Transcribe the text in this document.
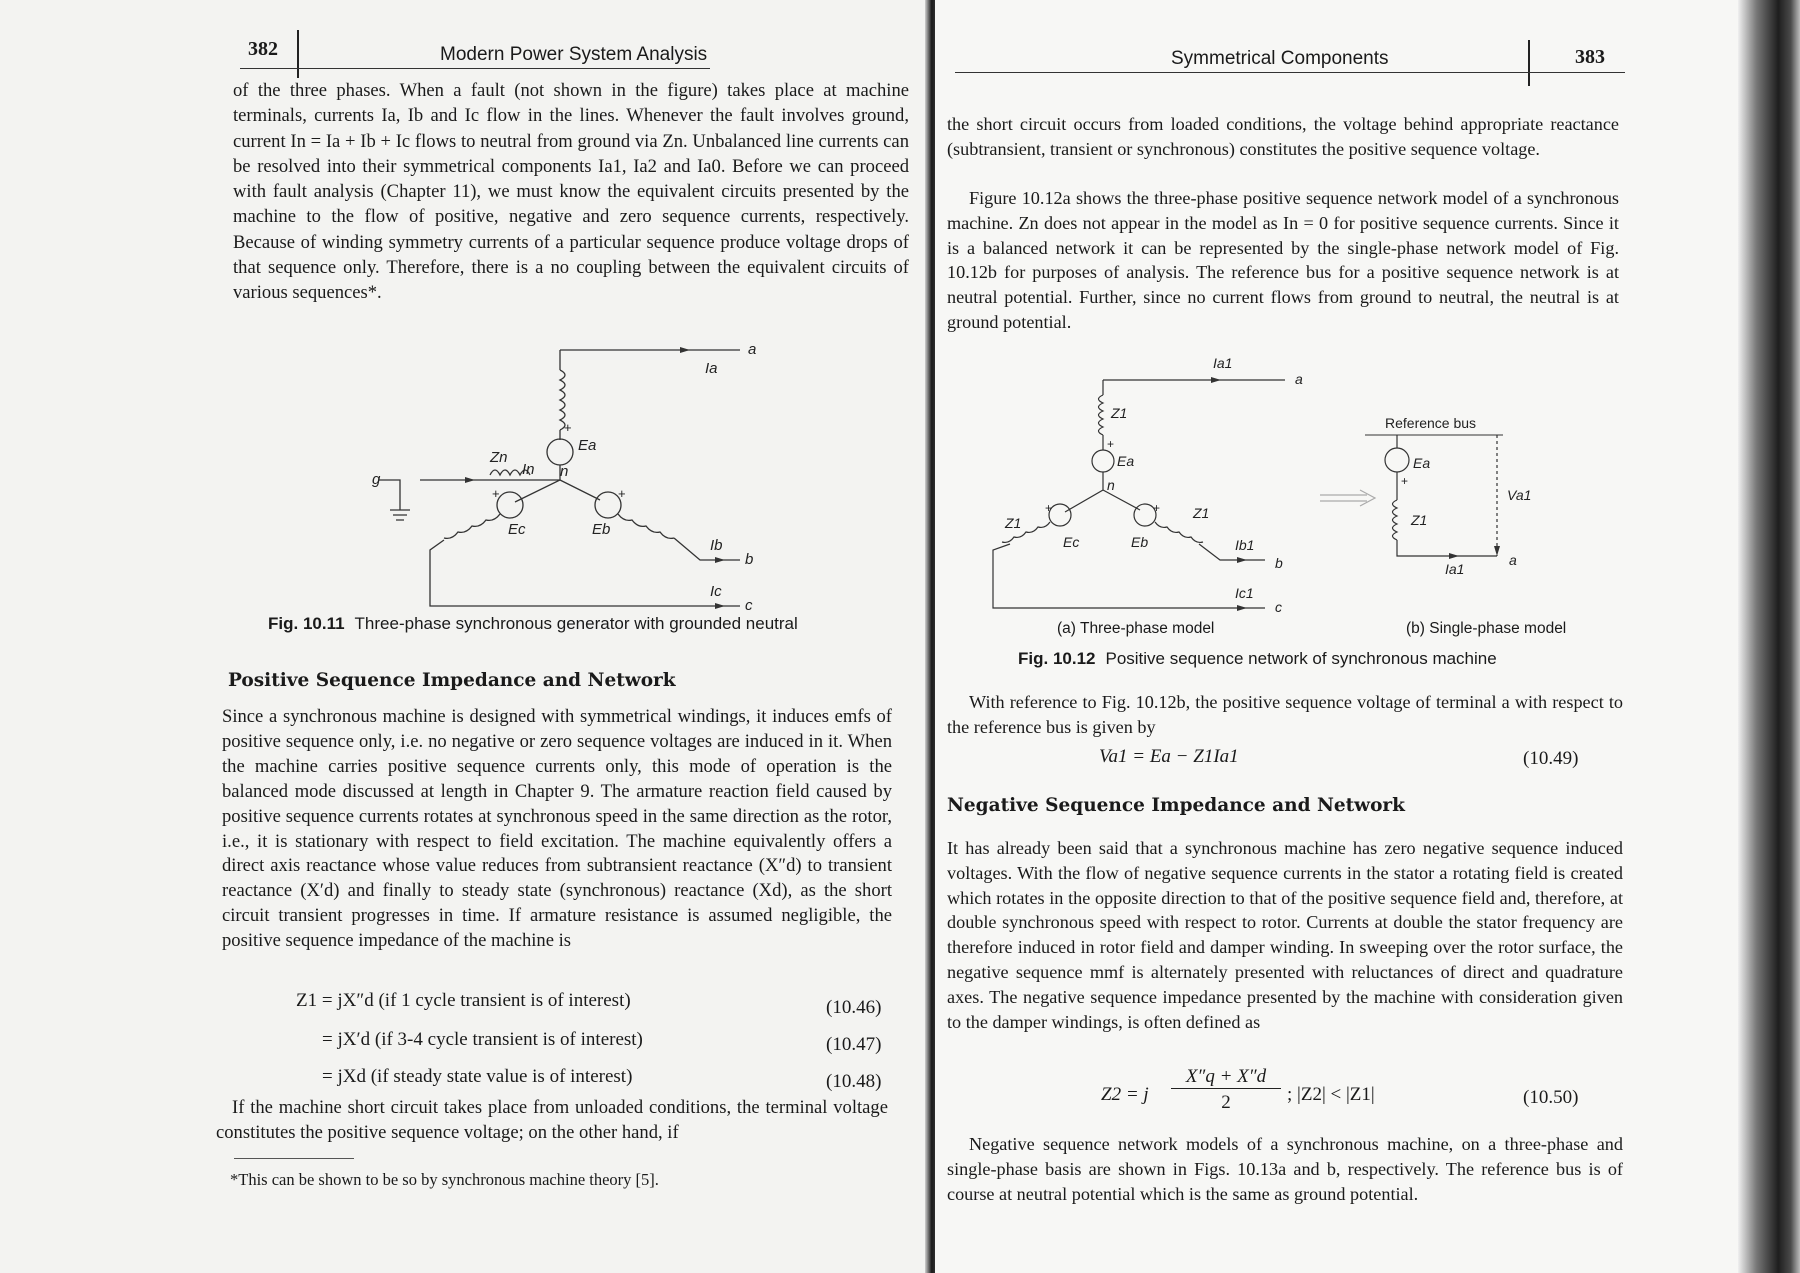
382	Modern Power System Analysis
of the three phases. When a fault (not shown in the figure) takes place at machine terminals, currents Ia, Ib and Ic flow in the lines. Whenever the fault involves ground, current In = Ia + Ib + Ic flows to neutral from ground via Zn. Unbalanced line currents can be resolved into their symmetrical components Ia1, Ia2 and Ia0. Before we can proceed with fault analysis (Chapter 11), we must know the equivalent circuits presented by the machine to the flow of positive, negative and zero sequence currents, respectively. Because of winding symmetry currents of a particular sequence produce voltage drops of that sequence only. Therefore, there is a no coupling between the equivalent circuits of various sequences*.
a
Ia
+
Ea
n
Zn
In
g
+	+
Ec	Eb
Ib
b
Ic
c
Fig. 10.11 Three-phase synchronous generator with grounded neutral
Positive Sequence Impedance and Network
Since a synchronous machine is designed with symmetrical windings, it induces emfs of positive sequence only, i.e. no negative or zero sequence voltages are induced in it. When the machine carries positive sequence currents only, this mode of operation is the balanced mode discussed at length in Chapter 9. The armature reaction field caused by positive sequence currents rotates at synchronous speed in the same direction as the rotor, i.e., it is stationary with respect to field excitation. The machine equivalently offers a direct axis reactance whose value reduces from subtransient reactance (X″d) to transient reactance (X′d) and finally to steady state (synchronous) reactance (Xd), as the short circuit transient progresses in time. If armature resistance is assumed negligible, the positive sequence impedance of the machine is
Z1 = jX″d (if 1 cycle transient is of interest)	(10.46)
= jX′d (if 3-4 cycle transient is of interest)	(10.47)
= jXd (if steady state value is of interest)	(10.48)
If the machine short circuit takes place from unloaded conditions, the terminal voltage constitutes the positive sequence voltage; on the other hand, if
*This can be shown to be so by synchronous machine theory [5].
Symmetrical Components	383
the short circuit occurs from loaded conditions, the voltage behind appropriate reactance (subtransient, transient or synchronous) constitutes the positive sequence voltage.
Figure 10.12a shows the three-phase positive sequence network model of a synchronous machine. Zn does not appear in the model as In = 0 for positive sequence currents. Since it is a balanced network it can be represented by the single-phase network model of Fig. 10.12b for purposes of analysis. The reference bus for a positive sequence network is at neutral potential. Further, since no current flows from ground to neutral, the neutral is at ground potential.
Ia1
a
Z1
+
Ea
n
Z1
+	+ Z1
Ec	Eb	Ib1
b
Ic1
c
Reference bus
Ea
+
Va1
Z1
Ia1
a
(a) Three-phase model	(b) Single-phase model
Fig. 10.12 Positive sequence network of synchronous machine
With reference to Fig. 10.12b, the positive sequence voltage of terminal a with respect to the reference bus is given by
Va1 = Ea − Z1Ia1	(10.49)
Negative Sequence Impedance and Network
It has already been said that a synchronous machine has zero negative sequence induced voltages. With the flow of negative sequence currents in the stator a rotating field is created which rotates in the opposite direction to that of the positive sequence field and, therefore, at double synchronous speed with respect to rotor. Currents at double the stator frequency are therefore induced in rotor field and damper winding. In sweeping over the rotor surface, the negative sequence mmf is alternately presented with reluctances of direct and quadrature axes. The negative sequence impedance presented by the machine with consideration given to the damper windings, is often defined as
Z2 = j
X″q + X″d
2	; |Z2| < |Z1|	(10.50)
Negative sequence network models of a synchronous machine, on a three-phase and single-phase basis are shown in Figs. 10.13a and b, respectively. The reference bus is of course at neutral potential which is the same as ground potential.
